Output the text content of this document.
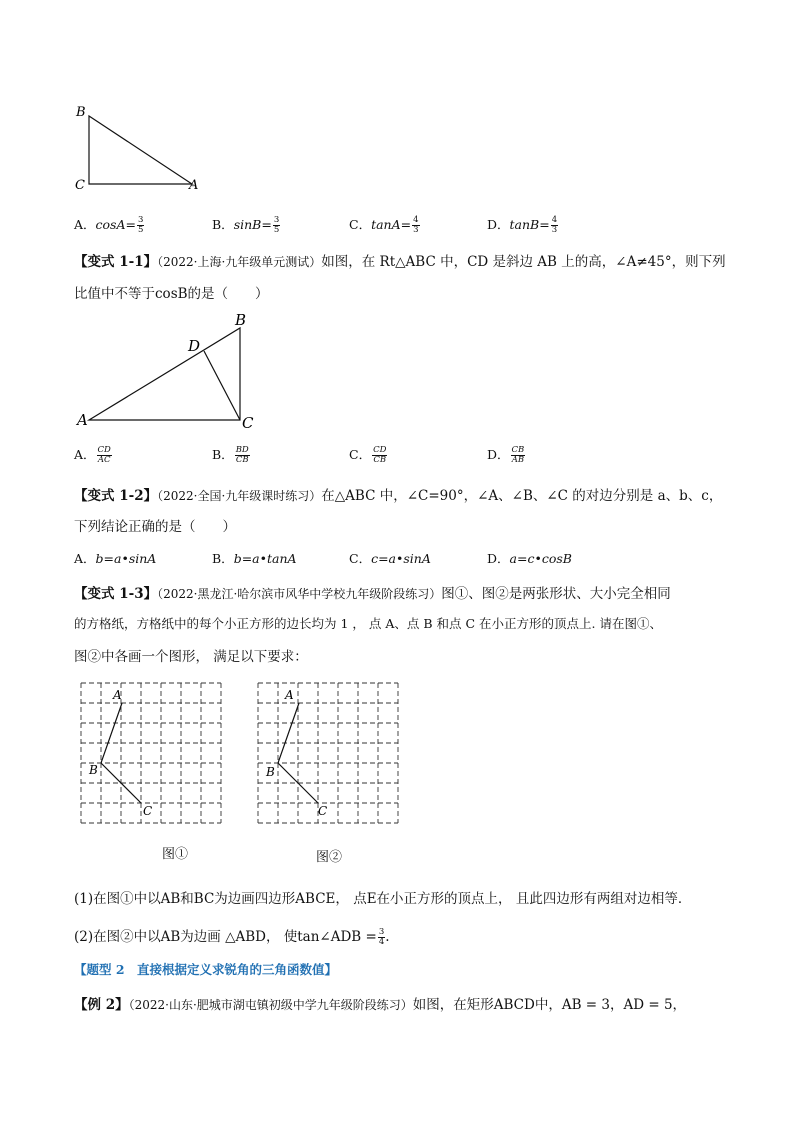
B
C	A
A．$\cos A= \frac{3}{5}$	B．$\sin B= \frac{3}{5}$	C．$\tan A= \frac{4}{3}$	D．$\tan B= \frac{4}{3}$
【变式 1-1】（2022·上海·九年级单元测试）如图，在 Rt△ABC 中，CD 是斜边 AB 上的高，∠A≠45°，则下列
比值中不等于cosB的是（　　）
B
D
A	C
A． $\frac{CD}{AC}$	B． $\frac{BD}{CB}$	C． $\frac{CD}{CB}$	D． $\frac{CB}{AB}$
【变式 1-2】（2022·全国·九年级课时练习）在△ABC 中，∠C=90°，∠A、∠B、∠C 的对边分别是 a、b、c，
下列结论正确的是（　　）
A．b=a•sinA	B．b=a•tanA	C．c=a•sinA	D．a=c•cosB
【变式 1-3】（2022·黑龙江·哈尔滨市风华中学校九年级阶段练习）图①、图②是两张形状、大小完全相同
的方格纸，方格纸中的每个小正方形的边长均为 1 ， 点 A、点 B 和点 C 在小正方形的顶点上. 请在图①、
图②中各画一个图形， 满足以下要求：
A
B
C
A
B
C
图①	图②
(1)在图①中以AB和BC为边画四边形ABCE， 点E在小正方形的顶点上， 且此四边形有两组对边相等．
(2)在图②中以AB为边画 △ABD， 使tan∠ADB = $\frac{3}{4}$ .
【题型 2　直接根据定义求锐角的三角函数值】
【例 2】（2022·山东·肥城市湖屯镇初级中学九年级阶段练习）如图，在矩形ABCD中，AB = 3，AD = 5，
